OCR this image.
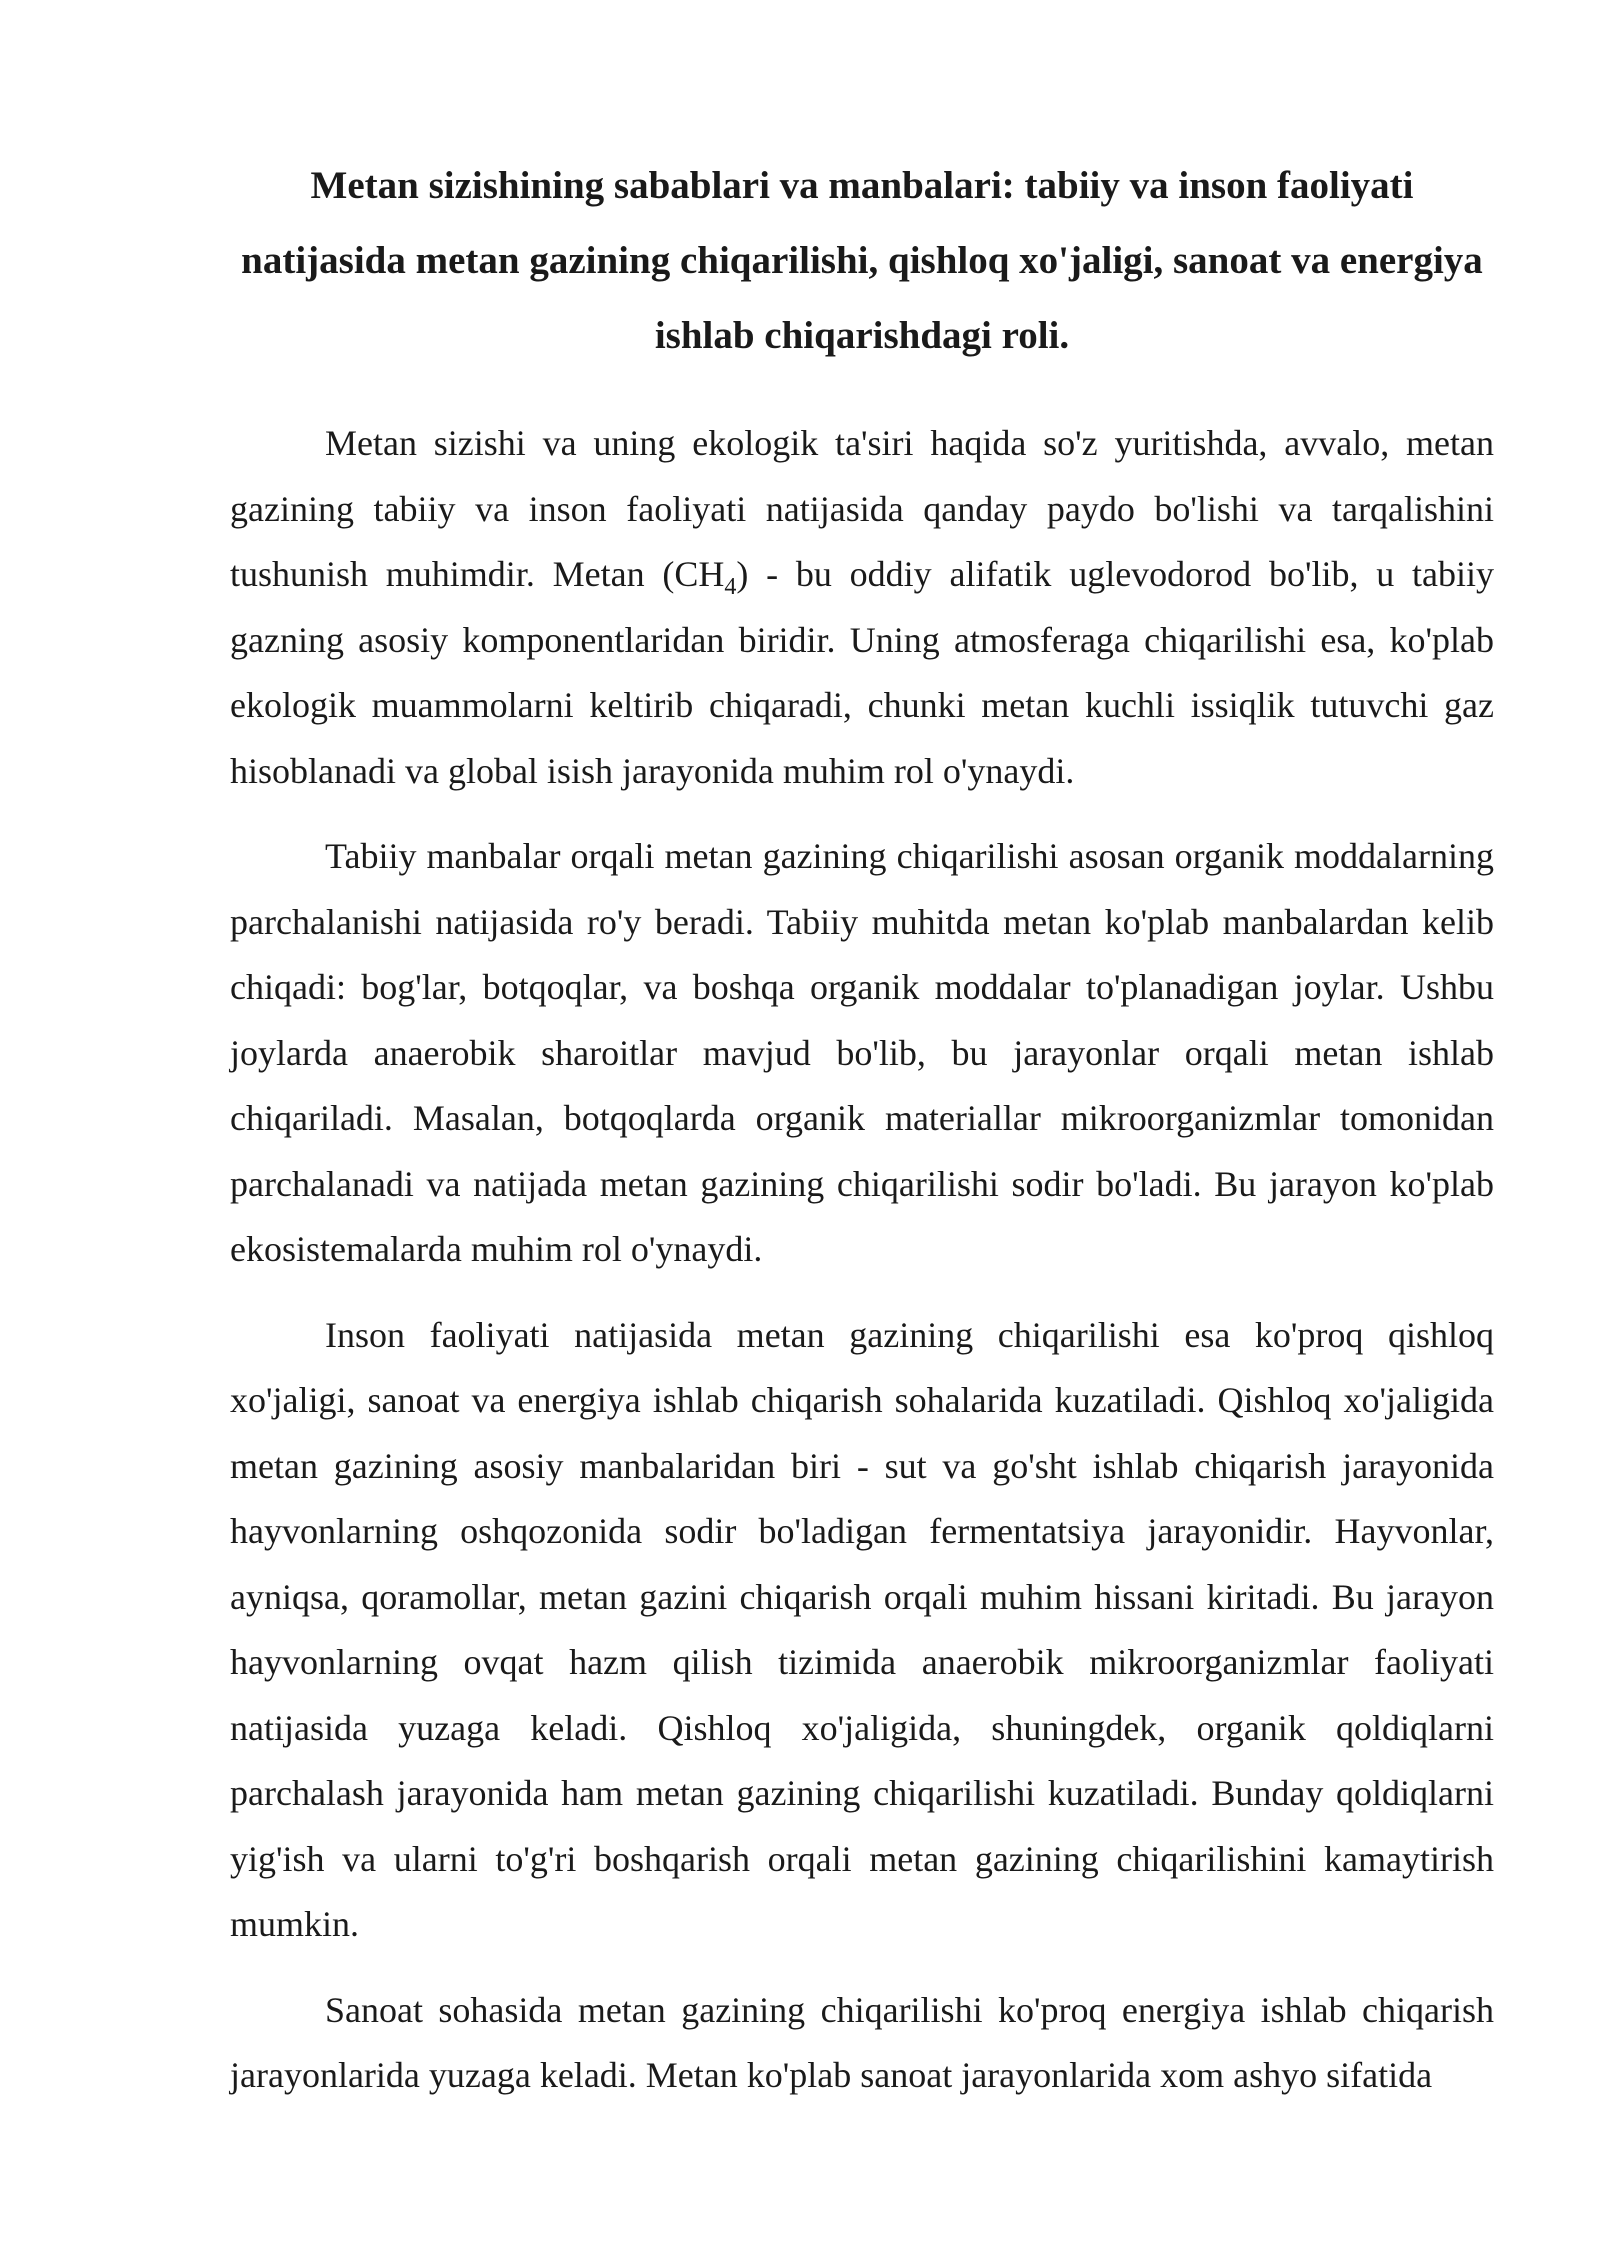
Metan sizishining sabablari va manbalari: tabiiy va inson faoliyati natijasida metan gazining chiqarilishi, qishloq xo'jaligi, sanoat va energiya ishlab chiqarishdagi roli.

Metan sizishi va uning ekologik ta'siri haqida so'z yuritishda, avvalo, metan gazining tabiiy va inson faoliyati natijasida qanday paydo bo'lishi va tarqalishini tushunish muhimdir. Metan $(CH_4)$ - bu oddiy alifatik uglevodorod bo'lib, u tabiiy gazning asosiy komponentlaridan biridir. Uning atmosferaga chiqarilishi esa, ko'plab ekologik muammolarni keltirib chiqaradi, chunki metan kuchli issiqlik tutuvchi gaz hisoblanadi va global isish jarayonida muhim rol o'ynaydi.

Tabiiy manbalar orqali metan gazining chiqarilishi asosan organik moddalarning parchalanishi natijasida ro'y beradi. Tabiiy muhitda metan ko'plab manbalardan kelib chiqadi: bog'lar, botqoqlar, va boshqa organik moddalar to'planadigan joylar. Ushbu joylarda anaerobik sharoitlar mavjud bo'lib, bu jarayonlar orqali metan ishlab chiqariladi. Masalan, botqoqlarda organik materiallar mikroorganizmlar tomonidan parchalanadi va natijada metan gazining chiqarilishi sodir bo'ladi. Bu jarayon ko'plab ekosistemalarda muhim rol o'ynaydi.

Inson faoliyati natijasida metan gazining chiqarilishi esa ko'proq qishloq xo'jaligi, sanoat va energiya ishlab chiqarish sohalarida kuzatiladi. Qishloq xo'jaligida metan gazining asosiy manbalaridan biri - sut va go'sht ishlab chiqarish jarayonida hayvonlarning oshqozonida sodir bo'ladigan fermentatsiya jarayonidir. Hayvonlar, ayniqsa, qoramollar, metan gazini chiqarish orqali muhim hissani kiritadi. Bu jarayon hayvonlarning ovqat hazm qilish tizimida anaerobik mikroorganizmlar faoliyati natijasida yuzaga keladi. Qishloq xo'jaligida, shuningdek, organik qoldiqlarni parchalash jarayonida ham metan gazining chiqarilishi kuzatiladi. Bunday qoldiqlarni yig'ish va ularni to'g'ri boshqarish orqali metan gazining chiqarilishini kamaytirish mumkin.

Sanoat sohasida metan gazining chiqarilishi ko'proq energiya ishlab chiqarish jarayonlarida yuzaga keladi. Metan ko'plab sanoat jarayonlarida xom ashyo sifatida
